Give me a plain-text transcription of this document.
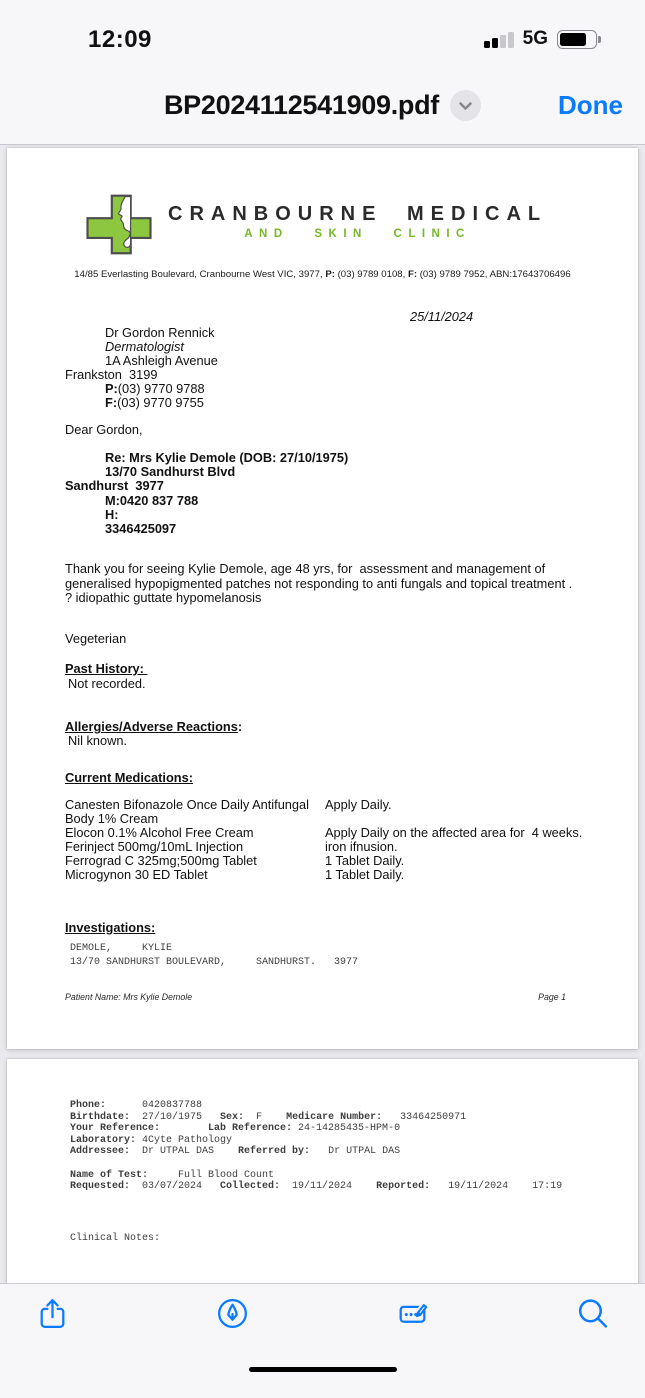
12:09	5G
BP2024112541909.pdf	Done
CRANBOURNE MEDICAL
AND SKIN CLINIC
14/85 Everlasting Boulevard, Cranbourne West VIC, 3977, P: (03) 9789 0108, F: (03) 9789 7952, ABN:17643706496
25/11/2024
Dr Gordon Rennick
Dermatologist
1A Ashleigh Avenue
Frankston  3199
P:(03) 9770 9788
F:(03) 9770 9755
Dear Gordon,
Re: Mrs Kylie Demole (DOB: 27/10/1975)
13/70 Sandhurst Blvd
Sandhurst  3977
M:0420 837 788
H:
3346425097
Thank you for seeing Kylie Demole, age 48 yrs, for  assessment and management of
generalised hypopigmented patches not responding to anti fungals and topical treatment .
? idiopathic guttate hypomelanosis
Vegeterian
Past History:
Not recorded.
Allergies/Adverse Reactions:
Nil known.
Current Medications:
Canesten Bifonazole Once Daily Antifungal	Apply Daily.
Body 1% Cream
Elocon 0.1% Alcohol Free Cream	Apply Daily on the affected area for  4 weeks.
Ferinject 500mg/10mL Injection	iron ifnusion.
Ferrograd C 325mg;500mg Tablet	1 Tablet Daily.
Microgynon 30 ED Tablet	1 Tablet Daily.
Investigations:
DEMOLE,     KYLIE
13/70 SANDHURST BOULEVARD,     SANDHURST.   3977
Patient Name: Mrs Kylie Demole	Page 1
Phone:      0420837788
Birthdate:  27/10/1975   Sex:  F    Medicare Number:   33464250971
Your Reference:	Lab Reference: 24-14285435-HPM-0
Laboratory: 4Cyte Pathology
Addressee:  Dr UTPAL DAS    Referred by:   Dr UTPAL DAS
Name of Test:     Full Blood Count
Requested:  03/07/2024   Collected:  19/11/2024    Reported:   19/11/2024    17:19
Clinical Notes:
